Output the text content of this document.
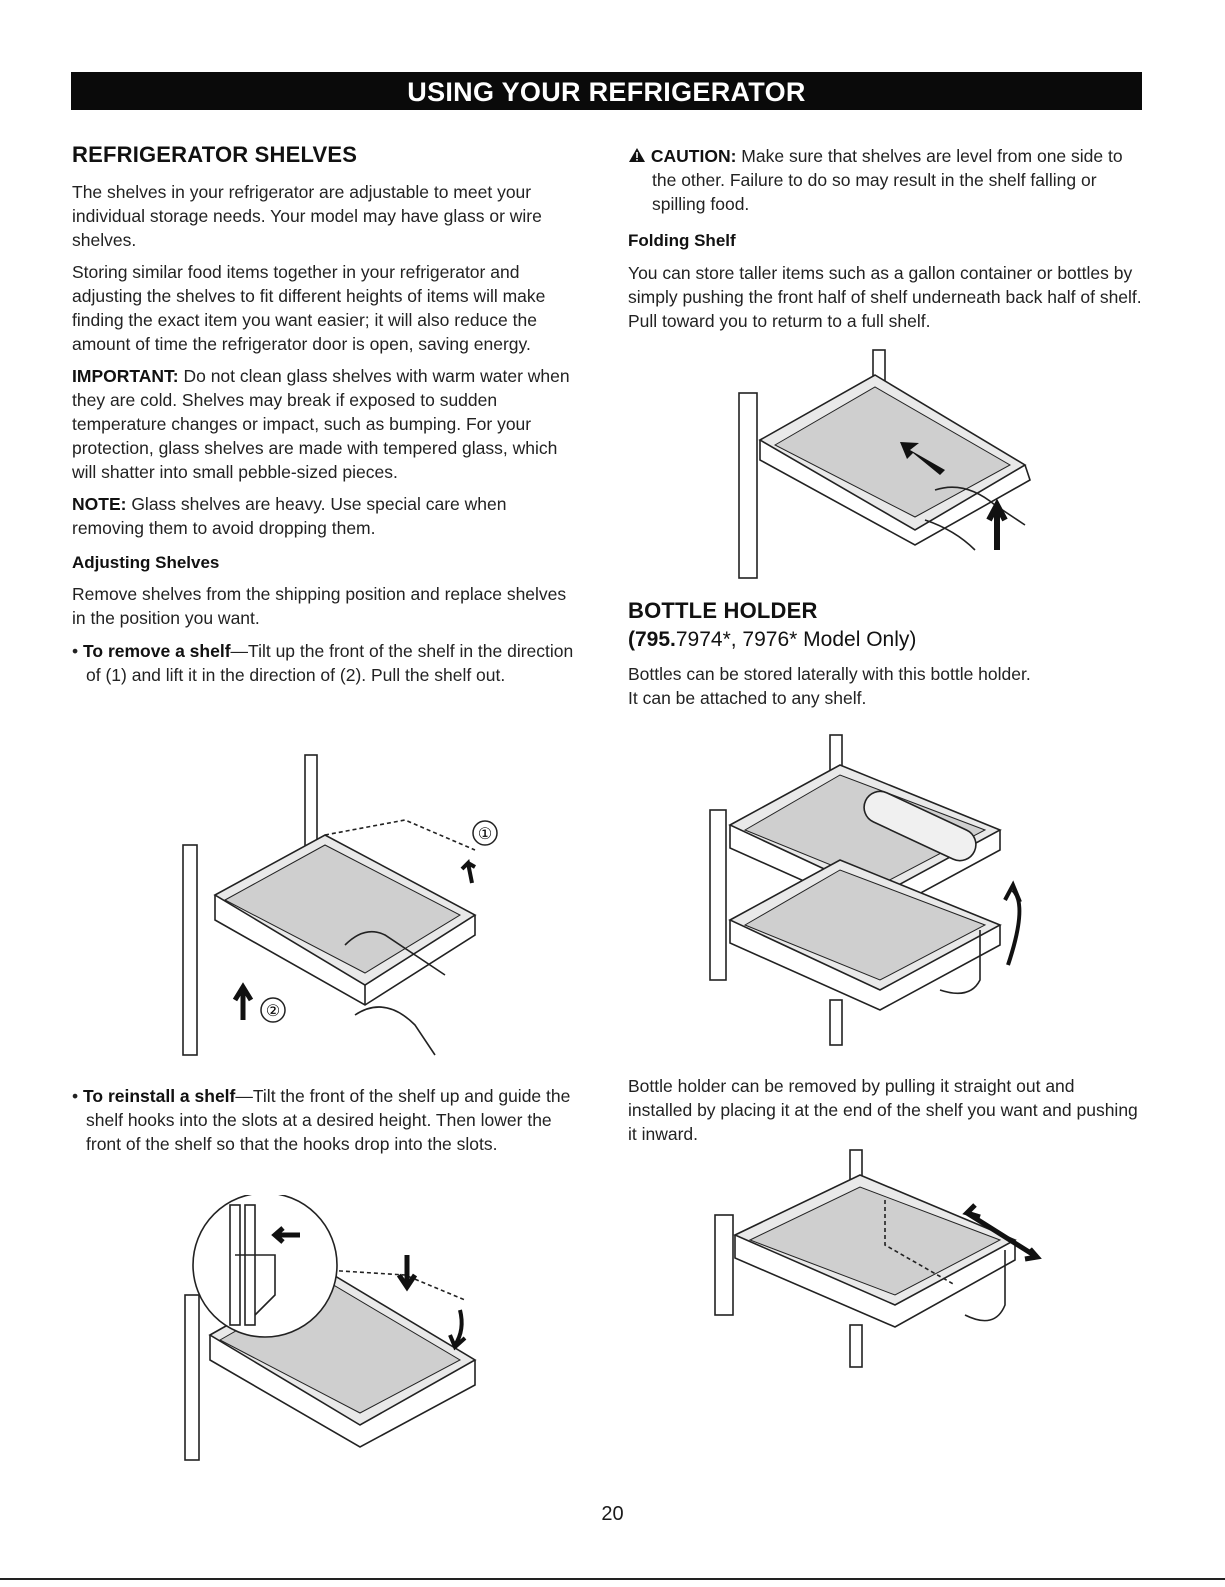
USING YOUR REFRIGERATOR
REFRIGERATOR SHELVES

The shelves in your refrigerator are adjustable to meet your individual storage needs. Your model may have glass or wire shelves.

Storing similar food items together in your refrigerator and adjusting the shelves to fit different heights of items will make finding the exact item you want easier; it will also reduce the amount of time the refrigerator door is open, saving energy.

IMPORTANT: Do not clean glass shelves with warm water when they are cold. Shelves may break if exposed to sudden temperature changes or impact, such as bumping. For your protection, glass shelves are made with tempered glass, which will shatter into small pebble-sized pieces.

NOTE: Glass shelves are heavy. Use special care when removing them to avoid dropping them.

Adjusting Shelves

Remove shelves from the shipping position and replace shelves in the position you want.

• To remove a shelf—Tilt up the front of the shelf in the direction of (1) and lift it in the direction of (2). Pull the shelf out.

• To reinstall a shelf—Tilt the front of the shelf up and guide the shelf hooks into the slots at a desired height. Then lower the front of the shelf so that the hooks drop into the slots.

CAUTION: Make sure that shelves are level from one side to the other. Failure to do so may result in the shelf falling or spilling food.

Folding Shelf

You can store taller items such as a gallon container or bottles by simply pushing the front half of shelf underneath back half of shelf. Pull toward you to returm to a full shelf.

BOTTLE HOLDER
(795.7974*, 7976* Model Only)

Bottles can be stored laterally with this bottle holder.

It can be attached to any shelf.

Bottle holder can be removed by pulling it straight out and installed by placing it at the end of the shelf you want and pushing it inward.

①
②
20
